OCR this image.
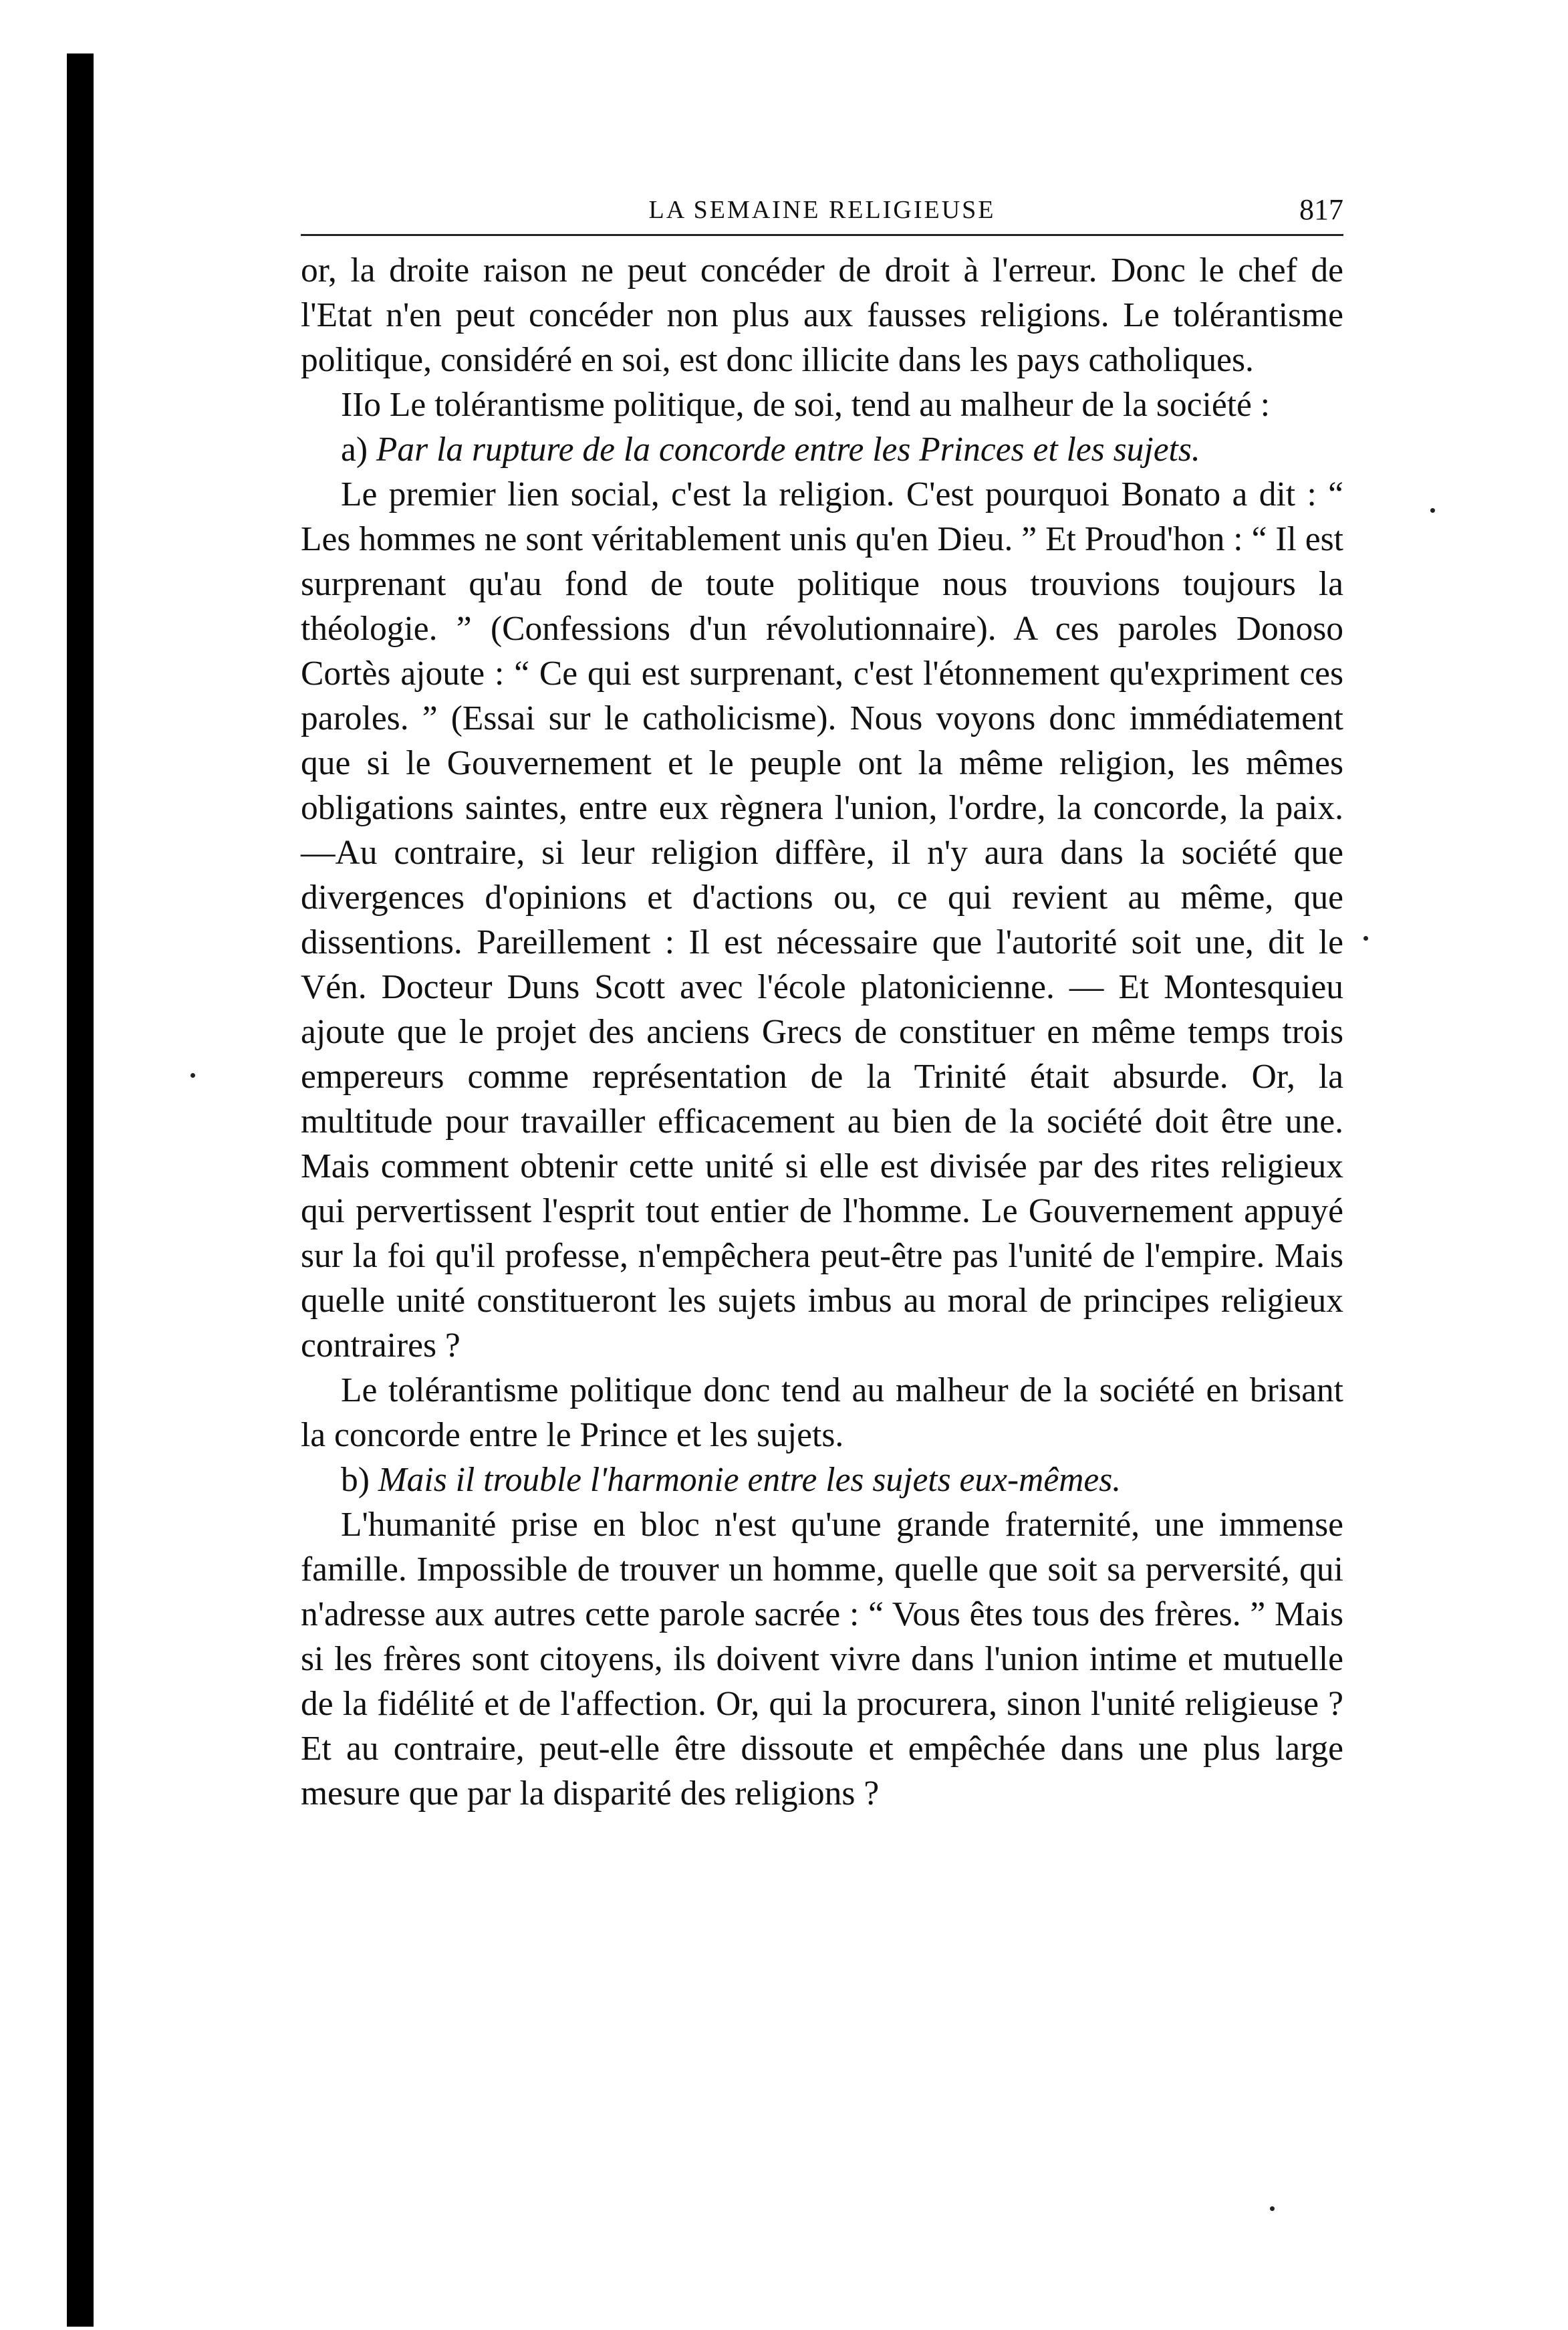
LA SEMAINE RELIGIEUSE	817

or, la droite raison ne peut concéder de droit à l'erreur. Donc le chef de l'Etat n'en peut concéder non plus aux fausses religions. Le tolérantisme politique, considéré en soi, est donc illicite dans les pays catholiques.

IIo Le tolérantisme politique, de soi, tend au malheur de la société :

a) Par la rupture de la concorde entre les Princes et les sujets.

Le premier lien social, c'est la religion. C'est pourquoi Bonato a dit : “ Les hommes ne sont véritablement unis qu'en Dieu. ” Et Proud'hon : “ Il est surprenant qu'au fond de toute politique nous trouvions toujours la théologie. ” (Confessions d'un révolutionnaire). A ces paroles Donoso Cortès ajoute : “ Ce qui est surprenant, c'est l'étonnement qu'expriment ces paroles. ” (Essai sur le catholicisme). Nous voyons donc immédiatement que si le Gouvernement et le peuple ont la même religion, les mêmes obligations saintes, entre eux règnera l'union, l'ordre, la concorde, la paix.—Au contraire, si leur religion diffère, il n'y aura dans la société que divergences d'opinions et d'actions ou, ce qui revient au même, que dissentions. Pareillement : Il est nécessaire que l'autorité soit une, dit le Vén. Docteur Duns Scott avec l'école platonicienne. — Et Montesquieu ajoute que le projet des anciens Grecs de constituer en même temps trois empereurs comme représentation de la Trinité était absurde. Or, la multitude pour travailler efficacement au bien de la société doit être une. Mais comment obtenir cette unité si elle est divisée par des rites religieux qui pervertissent l'esprit tout entier de l'homme. Le Gouvernement appuyé sur la foi qu'il professe, n'empêchera peut-être pas l'unité de l'empire. Mais quelle unité constitueront les sujets imbus au moral de principes religieux contraires ?

Le tolérantisme politique donc tend au malheur de la société en brisant la concorde entre le Prince et les sujets.

b) Mais il trouble l'harmonie entre les sujets eux-mêmes.

L'humanité prise en bloc n'est qu'une grande fraternité, une immense famille. Impossible de trouver un homme, quelle que soit sa perversité, qui n'adresse aux autres cette parole sacrée : “ Vous êtes tous des frères. ” Mais si les frères sont citoyens, ils doivent vivre dans l'union intime et mutuelle de la fidélité et de l'affection. Or, qui la procurera, sinon l'unité religieuse ? Et au contraire, peut-elle être dissoute et empêchée dans une plus large mesure que par la disparité des religions ?
